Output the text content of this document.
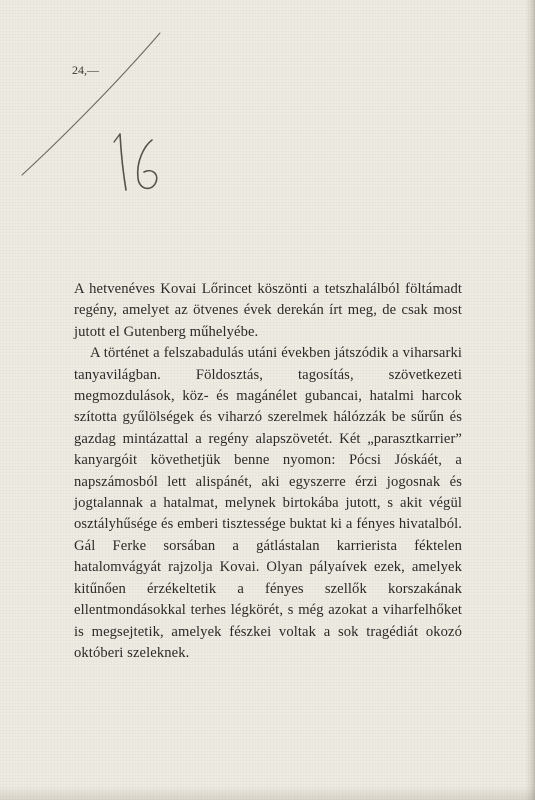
24,—

A hetvenéves Kovai Lőrincet köszönti a tetszhalálból föltámadt regény, amelyet az ötvenes évek derekán írt meg, de csak most jutott el Gutenberg műhelyébe.

A történet a felszabadulás utáni években játszódik a viharsarki tanyavilágban. Földosztás, tagosítás, szövetkezeti megmozdulások, köz- és magánélet gubancai, hatalmi harcok szította gyűlölségek és viharzó szerelmek hálózzák be sűrűn és gazdag mintázattal a regény alapszövetét. Két „parasztkarrier” kanyargóit követhetjük benne nyomon: Pócsi Jóskáét, a napszámosból lett alispánét, aki egyszerre érzi jogosnak és jogtalannak a hatalmat, melynek birtokába jutott, s akit végül osztályhűsége és emberi tisztessége buktat ki a fényes hivatalból. Gál Ferke sorsában a gátlástalan karrierista féktelen hatalomvágyát rajzolja Kovai. Olyan pályaívek ezek, amelyek kitűnően érzékeltetik a fényes szellők korszakának ellentmondásokkal terhes légkörét, s még azokat a viharfelhőket is megsejtetik, amelyek fészkei voltak a sok tragédiát okozó októberi szeleknek.
